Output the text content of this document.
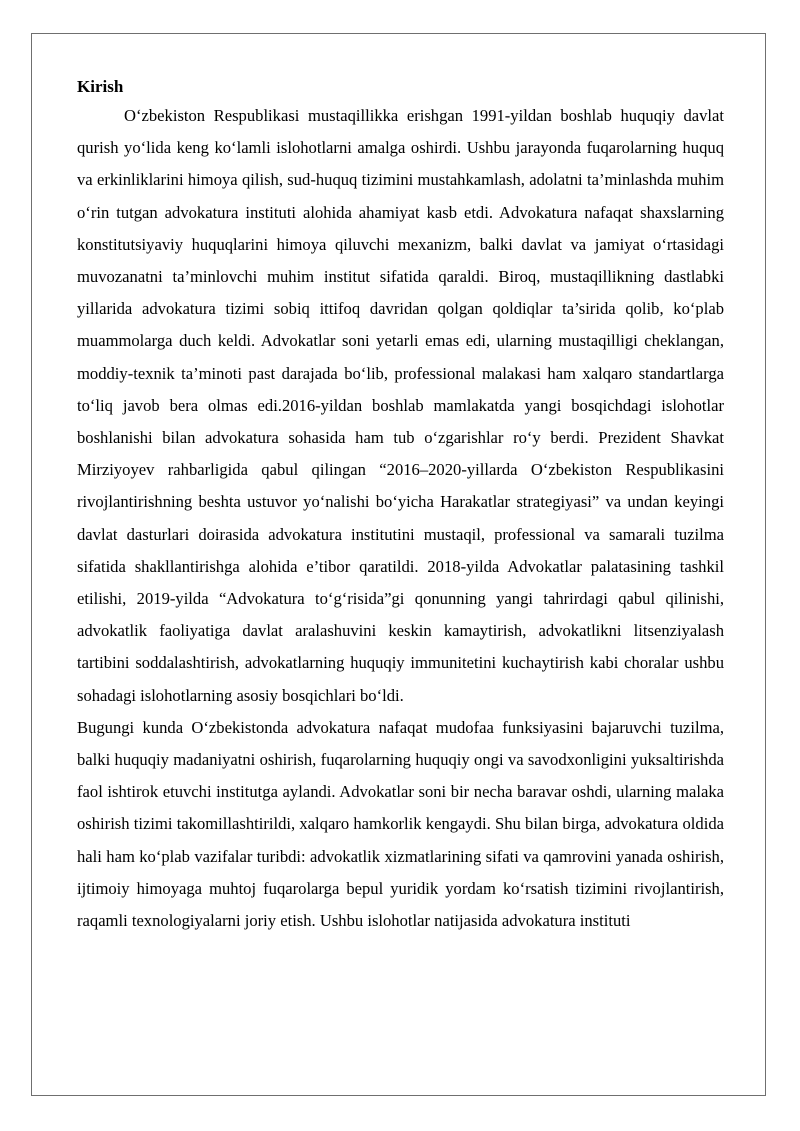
Kirish

O‘zbekiston Respublikasi mustaqillikka erishgan 1991-yildan boshlab huquqiy davlat qurish yo‘lida keng ko‘lamli islohotlarni amalga oshirdi. Ushbu jarayonda fuqarolarning huquq va erkinliklarini himoya qilish, sud-huquq tizimini mustahkamlash, adolatni ta’minlashda muhim o‘rin tutgan advokatura instituti alohida ahamiyat kasb etdi. Advokatura nafaqat shaxslarning konstitutsiyaviy huquqlarini himoya qiluvchi mexanizm, balki davlat va jamiyat o‘rtasidagi muvozanatni ta’minlovchi muhim institut sifatida qaraldi. Biroq, mustaqillikning dastlabki yillarida advokatura tizimi sobiq ittifoq davridan qolgan qoldiqlar ta’sirida qolib, ko‘plab muammolarga duch keldi. Advokatlar soni yetarli emas edi, ularning mustaqilligi cheklangan, moddiy-texnik ta’minoti past darajada bo‘lib, professional malakasi ham xalqaro standartlarga to‘liq javob bera olmas edi.2016-yildan boshlab mamlakatda yangi bosqichdagi islohotlar boshlanishi bilan advokatura sohasida ham tub o‘zgarishlar ro‘y berdi. Prezident Shavkat Mirziyoyev rahbarligida qabul qilingan “2016–2020-yillarda O‘zbekiston Respublikasini rivojlantirishning beshta ustuvor yo‘nalishi bo‘yicha Harakatlar strategiyasi” va undan keyingi davlat dasturlari doirasida advokatura institutini mustaqil, professional va samarali tuzilma sifatida shakllantirishga alohida e’tibor qaratildi. 2018-yilda Advokatlar palatasining tashkil etilishi, 2019-yilda “Advokatura to‘g‘risida”gi qonunning yangi tahrirdagi qabul qilinishi, advokatlik faoliyatiga davlat aralashuvini keskin kamaytirish, advokatlikni litsenziyalash tartibini soddalashtirish, advokatlarning huquqiy immunitetini kuchaytirish kabi choralar ushbu sohadagi islohotlarning asosiy bosqichlari bo‘ldi.

Bugungi kunda O‘zbekistonda advokatura nafaqat mudofaa funksiyasini bajaruvchi tuzilma, balki huquqiy madaniyatni oshirish, fuqarolarning huquqiy ongi va savodxonligini yuksaltirishda faol ishtirok etuvchi institutga aylandi. Advokatlar soni bir necha baravar oshdi, ularning malaka oshirish tizimi takomillashtirildi, xalqaro hamkorlik kengaydi. Shu bilan birga, advokatura oldida hali ham ko‘plab vazifalar turibdi: advokatlik xizmatlarining sifati va qamrovini yanada oshirish, ijtimoiy himoyaga muhtoj fuqarolarga bepul yuridik yordam ko‘rsatish tizimini rivojlantirish, raqamli texnologiyalarni joriy etish. Ushbu islohotlar natijasida advokatura instituti
